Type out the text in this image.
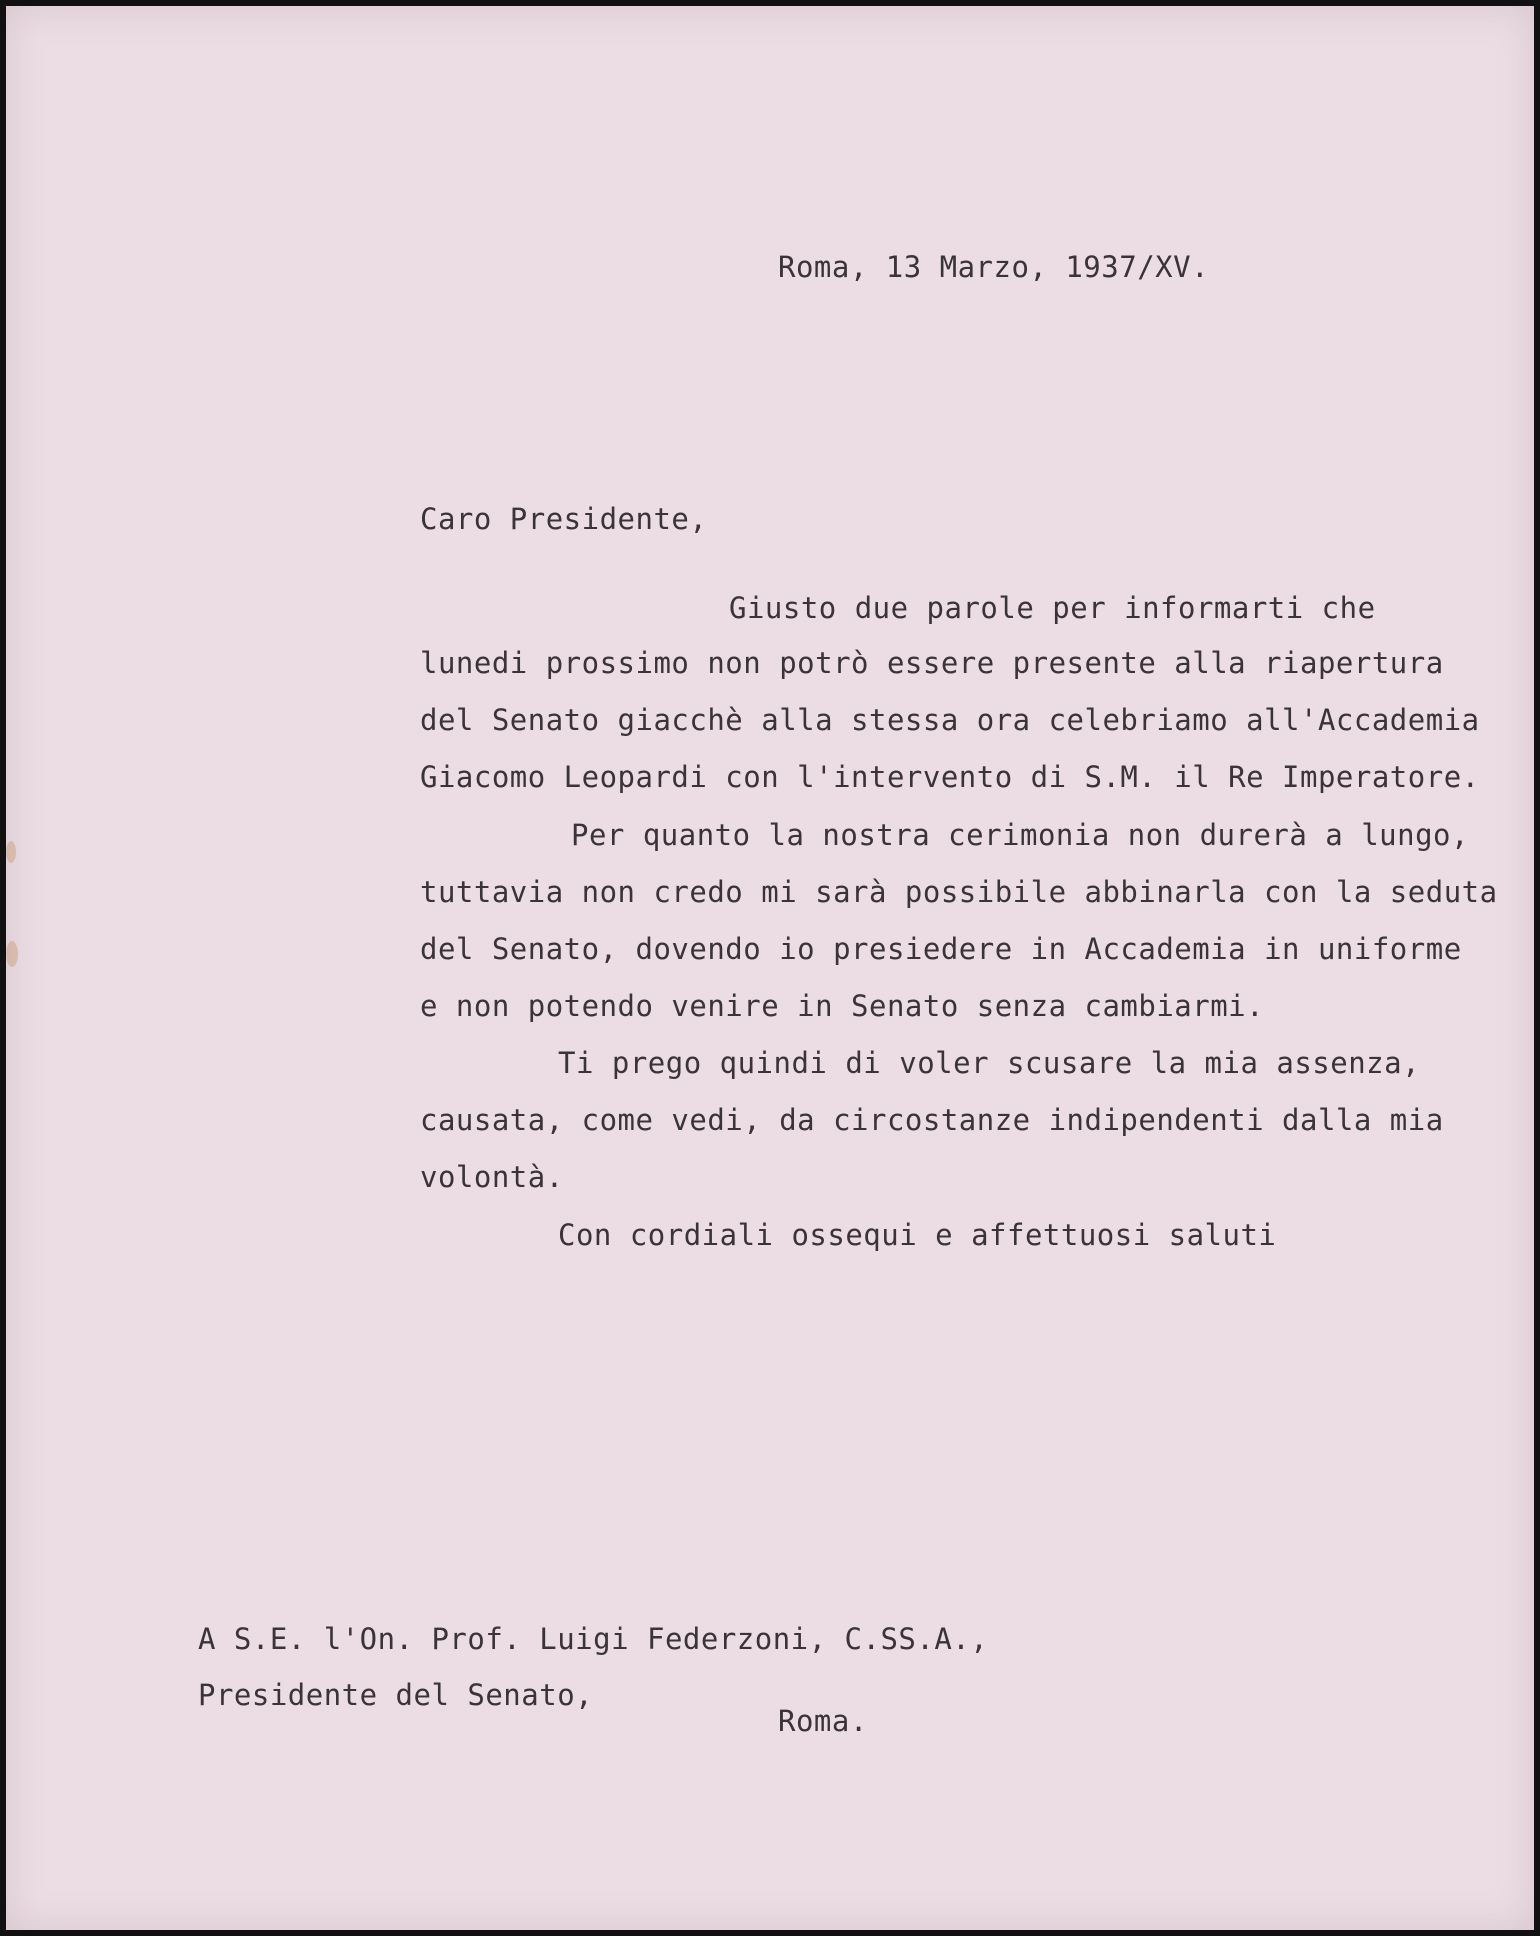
Roma, 13 Marzo, 1937/XV.
Caro Presidente,
Giusto due parole per informarti che
lunedi prossimo non potrò essere presente alla riapertura
del Senato giacchè alla stessa ora celebriamo all'Accademia
Giacomo Leopardi con l'intervento di S.M. il Re Imperatore.
Per quanto la nostra cerimonia non durerà a lungo,
tuttavia non credo mi sarà possibile abbinarla con la seduta
del Senato, dovendo io presiedere in Accademia in uniforme
e non potendo venire in Senato senza cambiarmi.
Ti prego quindi di voler scusare la mia assenza,
causata, come vedi, da circostanze indipendenti dalla mia
volontà.
Con cordiali ossequi e affettuosi saluti
A S.E. l'On. Prof. Luigi Federzoni, C.SS.A.,
Presidente del Senato,
Roma.
